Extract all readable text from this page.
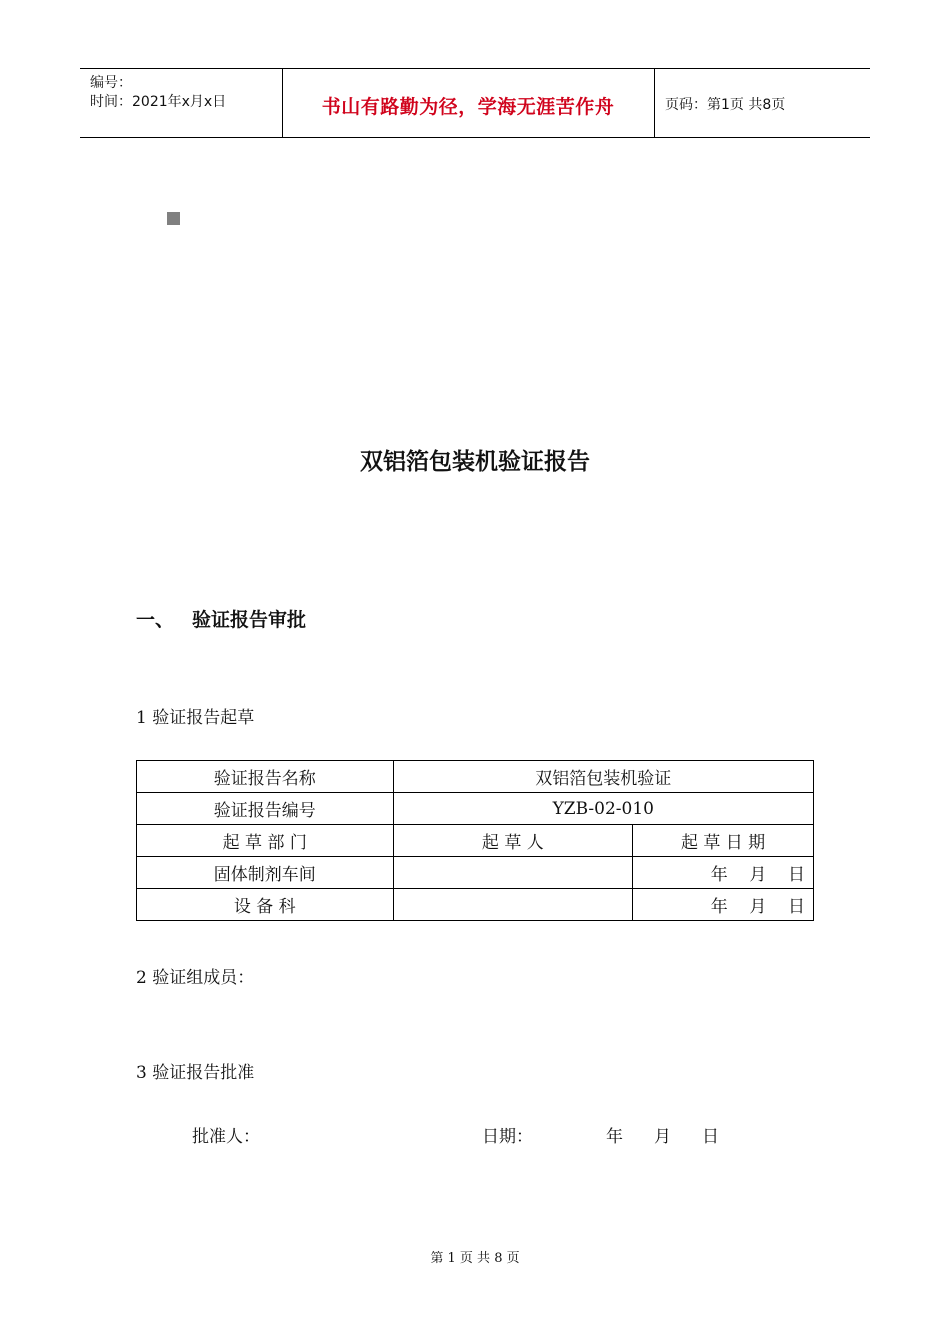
编号：
时间：2021年x月x日	书山有路勤为径，学海无涯苦作舟	页码：第1页 共8页
双铝箔包装机验证报告
一、 验证报告审批
1 验证报告起草
验证报告名称	双铝箔包装机验证	
验证报告编号	YZB-02-010	
起 草 部 门	起 草 人	起 草 日 期
固体制剂车间		年    月    日
设 备 科		年    月    日
2 验证组成员：
3 验证报告批准
批准人：	日期：	年 月 日
第 1 页 共 8 页
